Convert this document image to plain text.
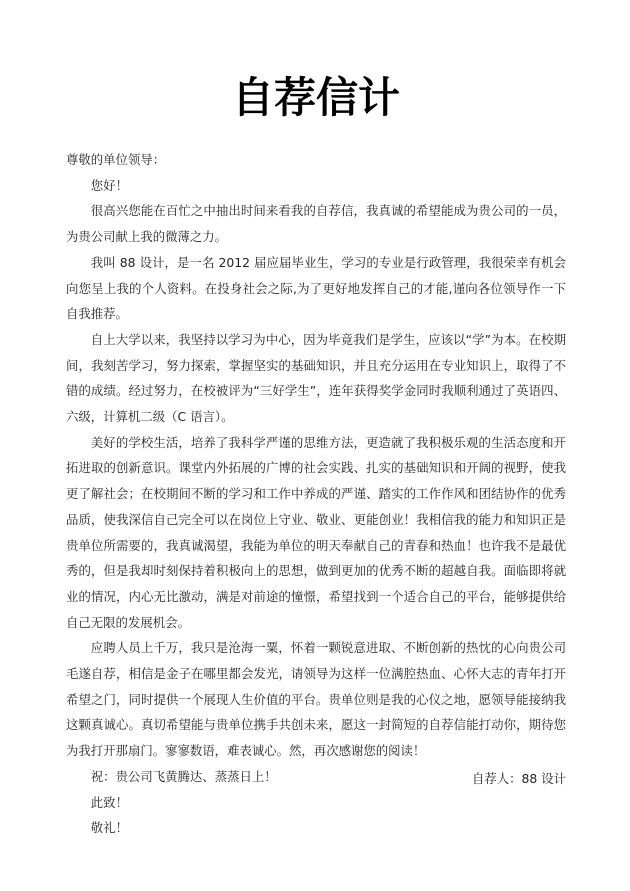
自荐信计

尊敬的单位领导：

您好！

很高兴您能在百忙之中抽出时间来看我的自荐信，我真诚的希望能成为贵公司的一员，为贵公司献上我的微薄之力。

我叫 88 设计，是一名 2012 届应届毕业生，学习的专业是行政管理，我很荣幸有机会向您呈上我的个人资料。在投身社会之际,为了更好地发挥自己的才能,谨向各位领导作一下自我推荐。

自上大学以来，我坚持以学习为中心，因为毕竟我们是学生，应该以“学”为本。在校期间，我刻苦学习，努力探索，掌握坚实的基础知识，并且充分运用在专业知识上，取得了不错的成绩。经过努力，在校被评为“三好学生”，连年获得奖学金同时我顺利通过了英语四、六级，计算机二级（C 语言）。

美好的学校生活，培养了我科学严谨的思维方法，更造就了我积极乐观的生活态度和开拓进取的创新意识。课堂内外拓展的广博的社会实践、扎实的基础知识和开阔的视野，使我更了解社会；在校期间不断的学习和工作中养成的严谨、踏实的工作作风和团结协作的优秀品质，使我深信自己完全可以在岗位上守业、敬业、更能创业！我相信我的能力和知识正是贵单位所需要的，我真诚渴望，我能为单位的明天奉献自己的青春和热血！也许我不是最优秀的，但是我却时刻保持着积极向上的思想，做到更加的优秀不断的超越自我。面临即将就业的情况，内心无比激动，满是对前途的憧憬，希望找到一个适合自己的平台，能够提供给自己无限的发展机会。

应聘人员上千万，我只是沧海一粟，怀着一颗锐意进取、不断创新的热忱的心向贵公司毛遂自荐，相信是金子在哪里都会发光，请领导为这样一位满腔热血、心怀大志的青年打开希望之门，同时提供一个展现人生价值的平台。贵单位则是我的心仪之地，愿领导能接纳我这颗真诚心。真切希望能与贵单位携手共创未来，愿这一封简短的自荐信能打动你，期待您为我打开那扇门。寥寥数语，难表诚心。然，再次感谢您的阅读！

祝：贵公司飞黄腾达、蒸蒸日上！

此致！

敬礼！

自荐人：88 设计
